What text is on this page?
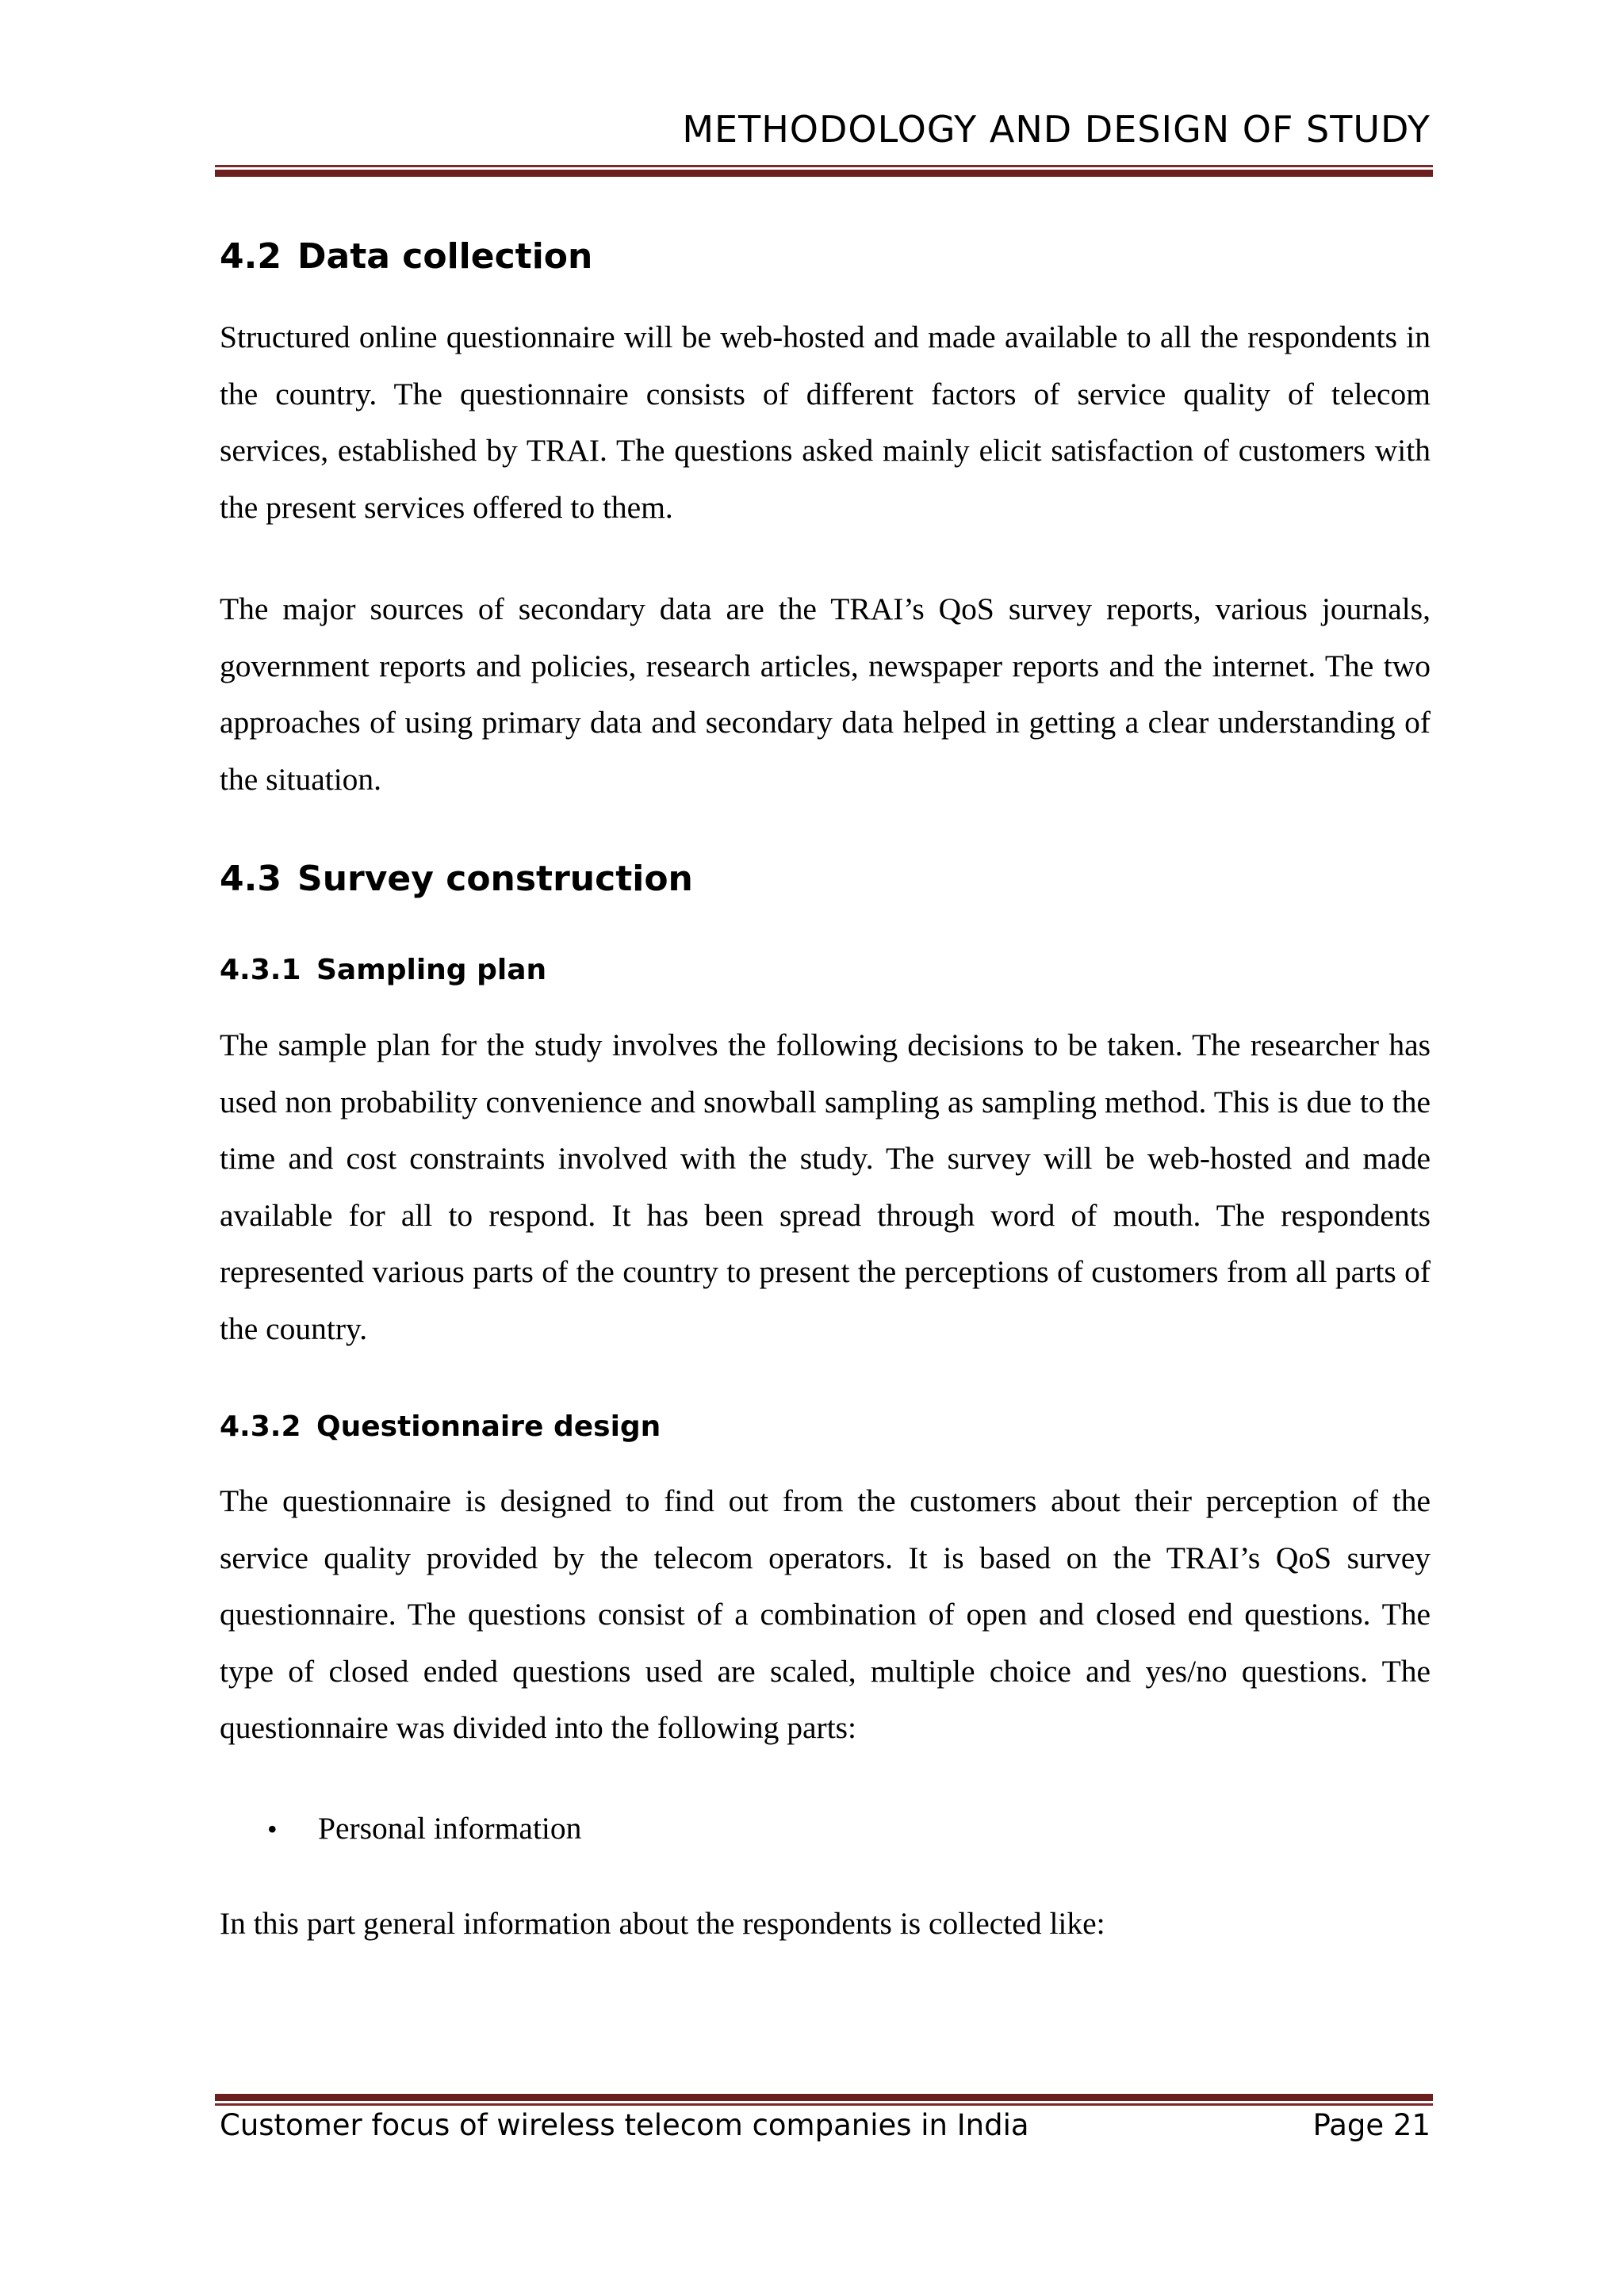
METHODOLOGY AND DESIGN OF STUDY
4.2 Data collection

Structured online questionnaire will be web-hosted and made available to all the respondents in the country. The questionnaire consists of different factors of service quality of telecom services, established by TRAI. The questions asked mainly elicit satisfaction of customers with the present services offered to them.

The major sources of secondary data are the TRAI’s QoS survey reports, various journals, government reports and policies, research articles, newspaper reports and the internet. The two approaches of using primary data and secondary data helped in getting a clear understanding of the situation.

4.3 Survey construction
4.3.1 Sampling plan

The sample plan for the study involves the following decisions to be taken. The researcher has used non probability convenience and snowball sampling as sampling method. This is due to the time and cost constraints involved with the study. The survey will be web-hosted and made available for all to respond. It has been spread through word of mouth. The respondents represented various parts of the country to present the perceptions of customers from all parts of the country.

4.3.2 Questionnaire design

The questionnaire is designed to find out from the customers about their perception of the service quality provided by the telecom operators. It is based on the TRAI’s QoS survey questionnaire. The questions consist of a combination of open and closed end questions. The type of closed ended questions used are scaled, multiple choice and yes/no questions. The questionnaire was divided into the following parts:

• Personal information

In this part general information about the respondents is collected like:

Customer focus of wireless telecom companies in India	Page 21
